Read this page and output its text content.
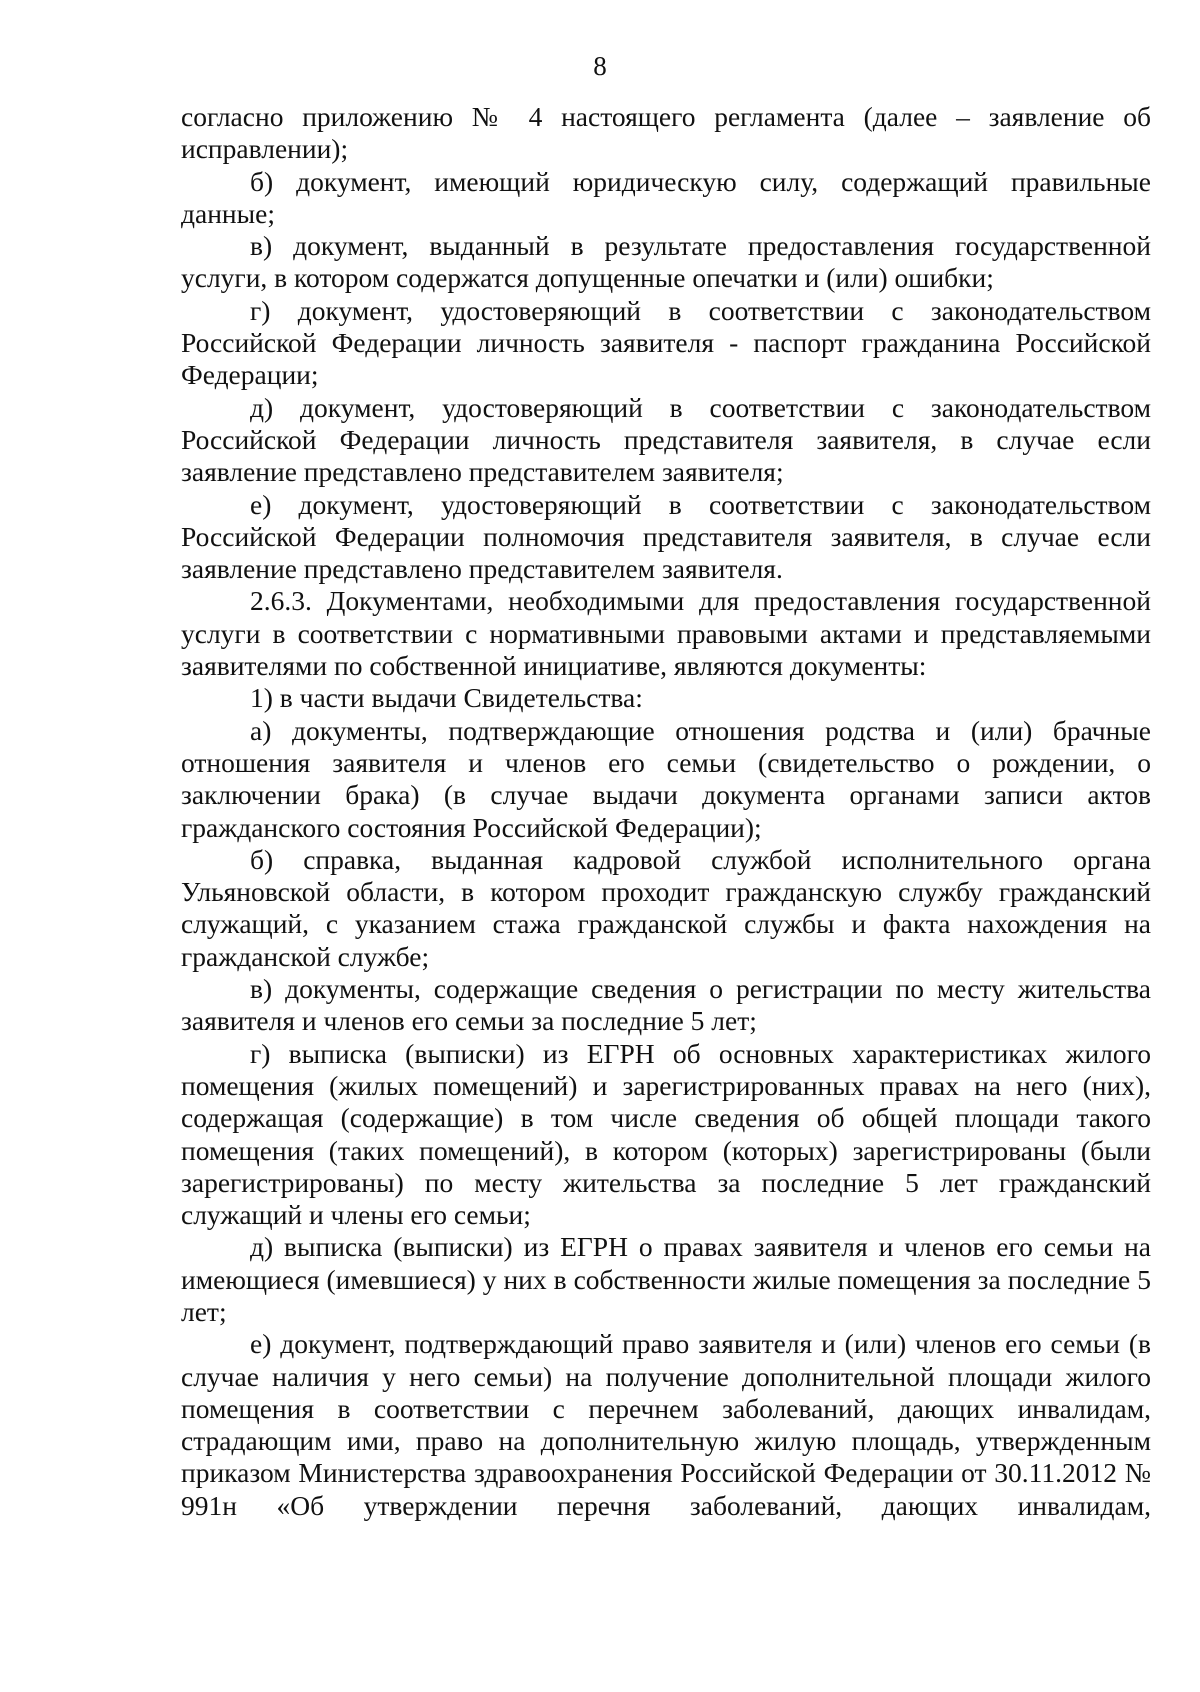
8

согласно приложению № 4 настоящего регламента (далее – заявление об исправлении);

б) документ, имеющий юридическую силу, содержащий правильные данные;

в) документ, выданный в результате предоставления государственной услуги, в котором содержатся допущенные опечатки и (или) ошибки;

г) документ, удостоверяющий в соответствии с законодательством Российской Федерации личность заявителя - паспорт гражданина Российской Федерации;

д) документ, удостоверяющий в соответствии с законодательством Российской Федерации личность представителя заявителя, в случае если заявление представлено представителем заявителя;

е) документ, удостоверяющий в соответствии с законодательством Российской Федерации полномочия представителя заявителя, в случае если заявление представлено представителем заявителя.

2.6.3. Документами, необходимыми для предоставления государственной услуги в соответствии с нормативными правовыми актами и представляемыми заявителями по собственной инициативе, являются документы:

1) в части выдачи Свидетельства:

а) документы, подтверждающие отношения родства и (или) брачные отношения заявителя и членов его семьи (свидетельство о рождении, о заключении брака) (в случае выдачи документа органами записи актов гражданского состояния Российской Федерации);

б) справка, выданная кадровой службой исполнительного органа Ульяновской области, в котором проходит гражданскую службу гражданский служащий, с указанием стажа гражданской службы и факта нахождения на гражданской службе;

в) документы, содержащие сведения о регистрации по месту жительства заявителя и членов его семьи за последние 5 лет;

г) выписка (выписки) из ЕГРН об основных характеристиках жилого помещения (жилых помещений) и зарегистрированных правах на него (них), содержащая (содержащие) в том числе сведения об общей площади такого помещения (таких помещений), в котором (которых) зарегистрированы (были зарегистрированы) по месту жительства за последние 5 лет гражданский служащий и члены его семьи;

д) выписка (выписки) из ЕГРН о правах заявителя и членов его семьи на имеющиеся (имевшиеся) у них в собственности жилые помещения за последние 5 лет;

е) документ, подтверждающий право заявителя и (или) членов его семьи (в случае наличия у него семьи) на получение дополнительной площади жилого помещения в соответствии с перечнем заболеваний, дающих инвалидам, страдающим ими, право на дополнительную жилую площадь, утвержденным приказом Министерства здравоохранения Российской Федерации от 30.11.2012 № 991н «Об утверждении перечня заболеваний, дающих инвалидам,
